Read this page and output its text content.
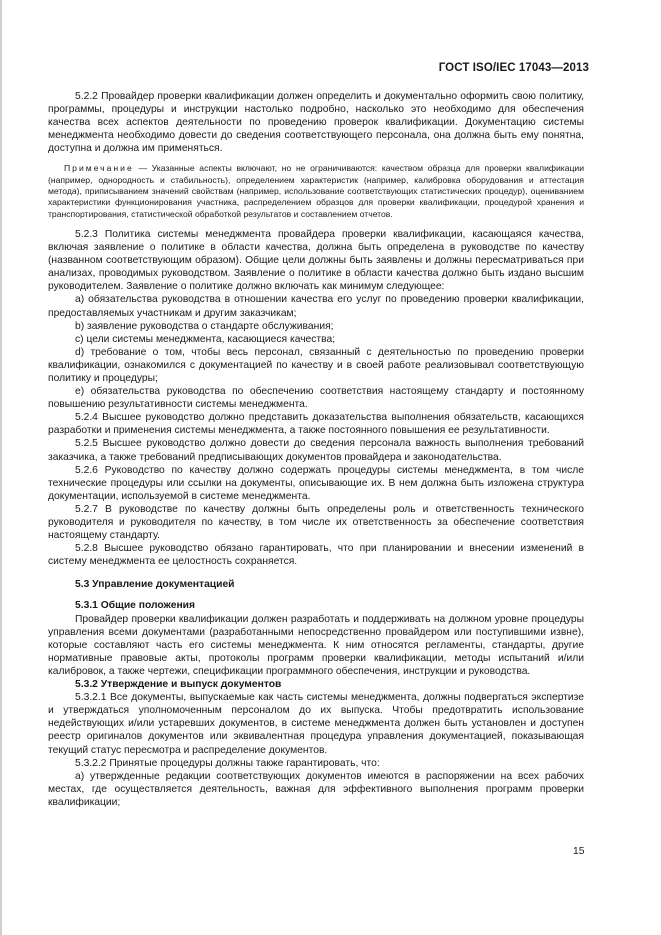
ГОСТ ISO/IEC 17043—2013

5.2.2 Провайдер проверки квалификации должен определить и документально оформить свою политику, программы, процедуры и инструкции настолько подробно, насколько это необходимо для обеспечения качества всех аспектов деятельности по проведению проверок квалификации. Документацию системы менеджмента необходимо довести до сведения соответствующего персонала, она должна быть ему понятна, доступна и должна им применяться.

Примечание — Указанные аспекты включают, но не ограничиваются: качеством образца для проверки квалификации (например, однородность и стабильность), определением характеристик (например, калибровка оборудования и аттестация метода), приписыванием значений свойствам (например, использование соответствующих статистических процедур), оцениванием характеристики функционирования участника, распределением образцов для проверки квалификации, процедурой хранения и транспортирования, статистической обработкой результатов и составлением отчетов.

5.2.3 Политика системы менеджмента провайдера проверки квалификации, касающаяся качества, включая заявление о политике в области качества, должна быть определена в руководстве по качеству (названном соответствующим образом). Общие цели должны быть заявлены и должны пересматриваться при анализах, проводимых руководством. Заявление о политике в области качества должно быть издано высшим руководителем. Заявление о политике должно включать как минимум следующее:

а) обязательства руководства в отношении качества его услуг по проведению проверки квалификации, предоставляемых участникам и другим заказчикам;

b) заявление руководства о стандарте обслуживания;

c) цели системы менеджмента, касающиеся качества;

d) требование о том, чтобы весь персонал, связанный с деятельностью по проведению проверки квалификации, ознакомился с документацией по качеству и в своей работе реализовывал соответствующую политику и процедуры;

e) обязательства руководства по обеспечению соответствия настоящему стандарту и постоянному повышению результативности системы менеджмента.

5.2.4 Высшее руководство должно представить доказательства выполнения обязательств, касающихся разработки и применения системы менеджмента, а также постоянного повышения ее результативности.

5.2.5 Высшее руководство должно довести до сведения персонала важность выполнения требований заказчика, а также требований предписывающих документов провайдера и законодательства.

5.2.6 Руководство по качеству должно содержать процедуры системы менеджмента, в том числе технические процедуры или ссылки на документы, описывающие их. В нем должна быть изложена структура документации, используемой в системе менеджмента.

5.2.7 В руководстве по качеству должны быть определены роль и ответственность технического руководителя и руководителя по качеству, в том числе их ответственность за обеспечение соответствия настоящему стандарту.

5.2.8 Высшее руководство обязано гарантировать, что при планировании и внесении изменений в систему менеджмента ее целостность сохраняется.

5.3 Управление документацией

5.3.1 Общие положения

Провайдер проверки квалификации должен разработать и поддерживать на должном уровне процедуры управления всеми документами (разработанными непосредственно провайдером или поступившими извне), которые составляют часть его системы менеджмента. К ним относятся регламенты, стандарты, другие нормативные правовые акты, протоколы программ проверки квалификации, методы испытаний и/или калибровок, а также чертежи, спецификации программного обеспечения, инструкции и руководства.

5.3.2 Утверждение и выпуск документов

5.3.2.1 Все документы, выпускаемые как часть системы менеджмента, должны подвергаться экспертизе и утверждаться уполномоченным персоналом до их выпуска. Чтобы предотвратить использование недействующих и/или устаревших документов, в системе менеджмента должен быть установлен и доступен реестр оригиналов документов или эквивалентная процедура управления документацией, показывающая текущий статус пересмотра и распределение документов.

5.3.2.2 Принятые процедуры должны также гарантировать, что:

а) утвержденные редакции соответствующих документов имеются в распоряжении на всех рабочих местах, где осуществляется деятельность, важная для эффективного выполнения программ проверки квалификации;

15
